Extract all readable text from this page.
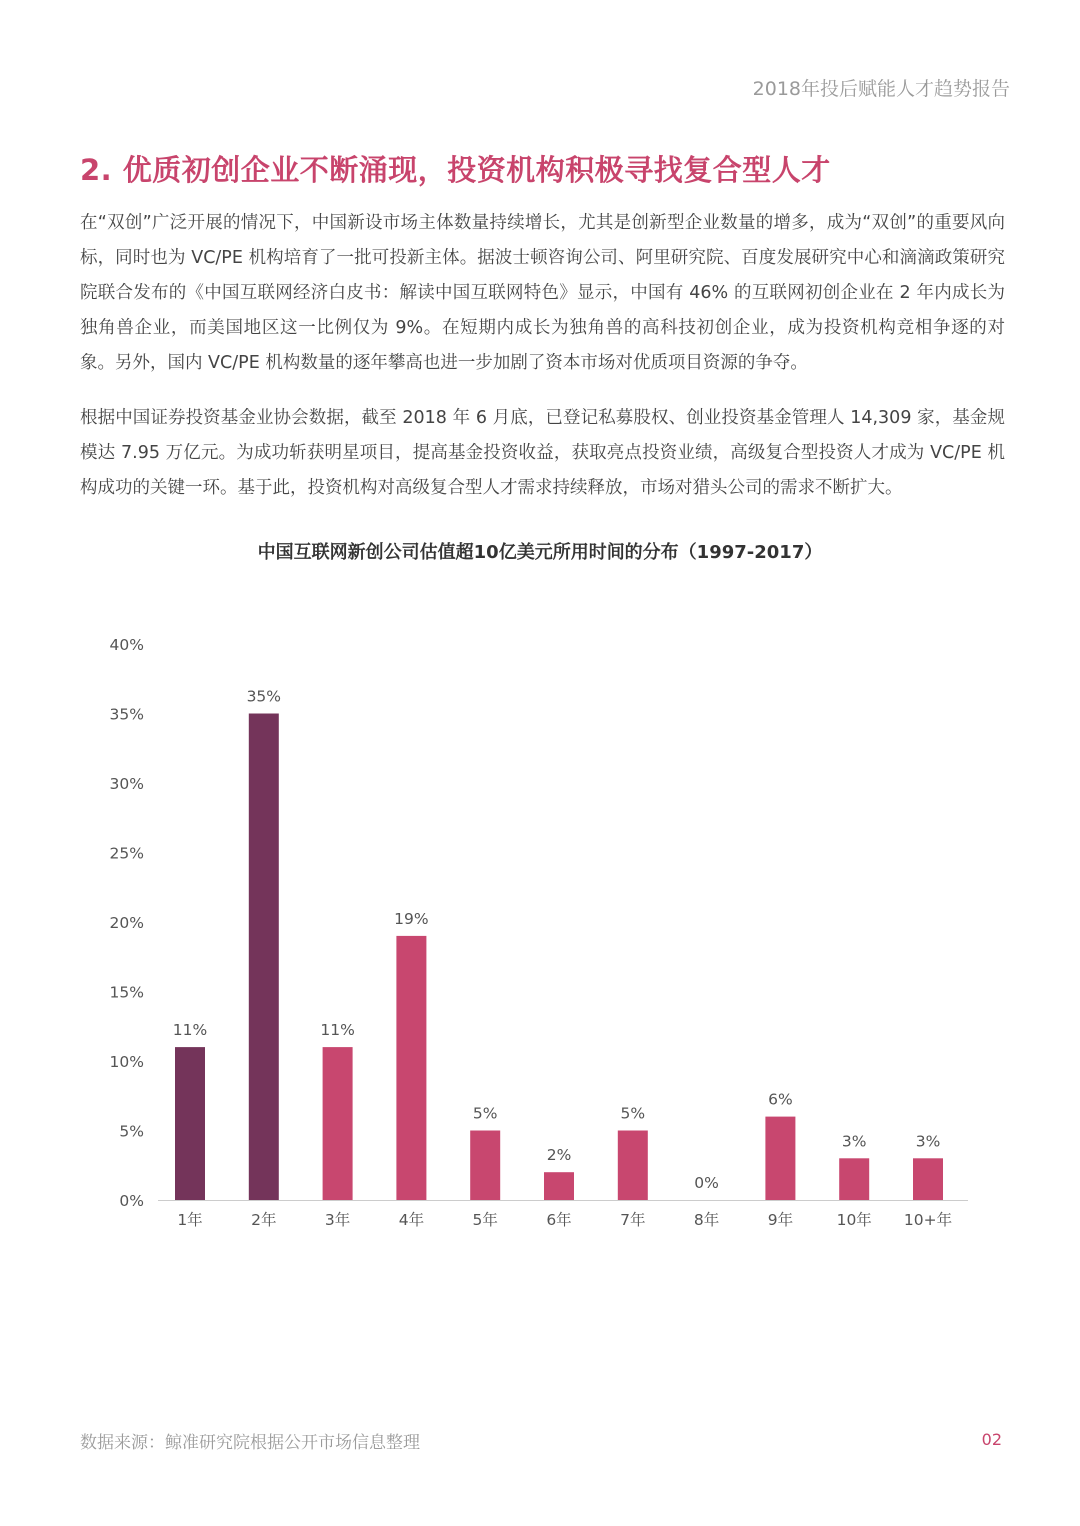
2018年投后赋能人才趋势报告
2. 优质初创企业不断涌现，投资机构积极寻找复合型人才

在“双创”广泛开展的情况下，中国新设市场主体数量持续增长，尤其是创新型企业数量的增多，成为“双创”的重要风向标，同时也为 VC/PE 机构培育了一批可投新主体。据波士顿咨询公司、阿里研究院、百度发展研究中心和滴滴政策研究院联合发布的《中国互联网经济白皮书：解读中国互联网特色》显示，中国有 46% 的互联网初创企业在 2 年内成长为独角兽企业，而美国地区这一比例仅为 9%。在短期内成长为独角兽的高科技初创企业，成为投资机构竞相争逐的对象。另外，国内 VC/PE 机构数量的逐年攀高也进一步加剧了资本市场对优质项目资源的争夺。

根据中国证券投资基金业协会数据，截至 2018 年 6 月底，已登记私募股权、创业投资基金管理人 14,309 家，基金规模达 7.95 万亿元。为成功斩获明星项目，提高基金投资收益，获取亮点投资业绩，高级复合型投资人才成为 VC/PE 机构成功的关键一环。基于此，投资机构对高级复合型人才需求持续释放，市场对猎头公司的需求不断扩大。

中国互联网新创公司估值超10亿美元所用时间的分布（1997-2017）
0%
5%
10%
15%
20%
25%
30%
35%
40%
11%
1年
35%
2年
11%
3年
19%
4年
5%
5年
2%
6年
5%
7年
0%
8年
6%
9年
3%
10年
3%
10+年
数据来源：鲸准研究院根据公开市场信息整理	02
